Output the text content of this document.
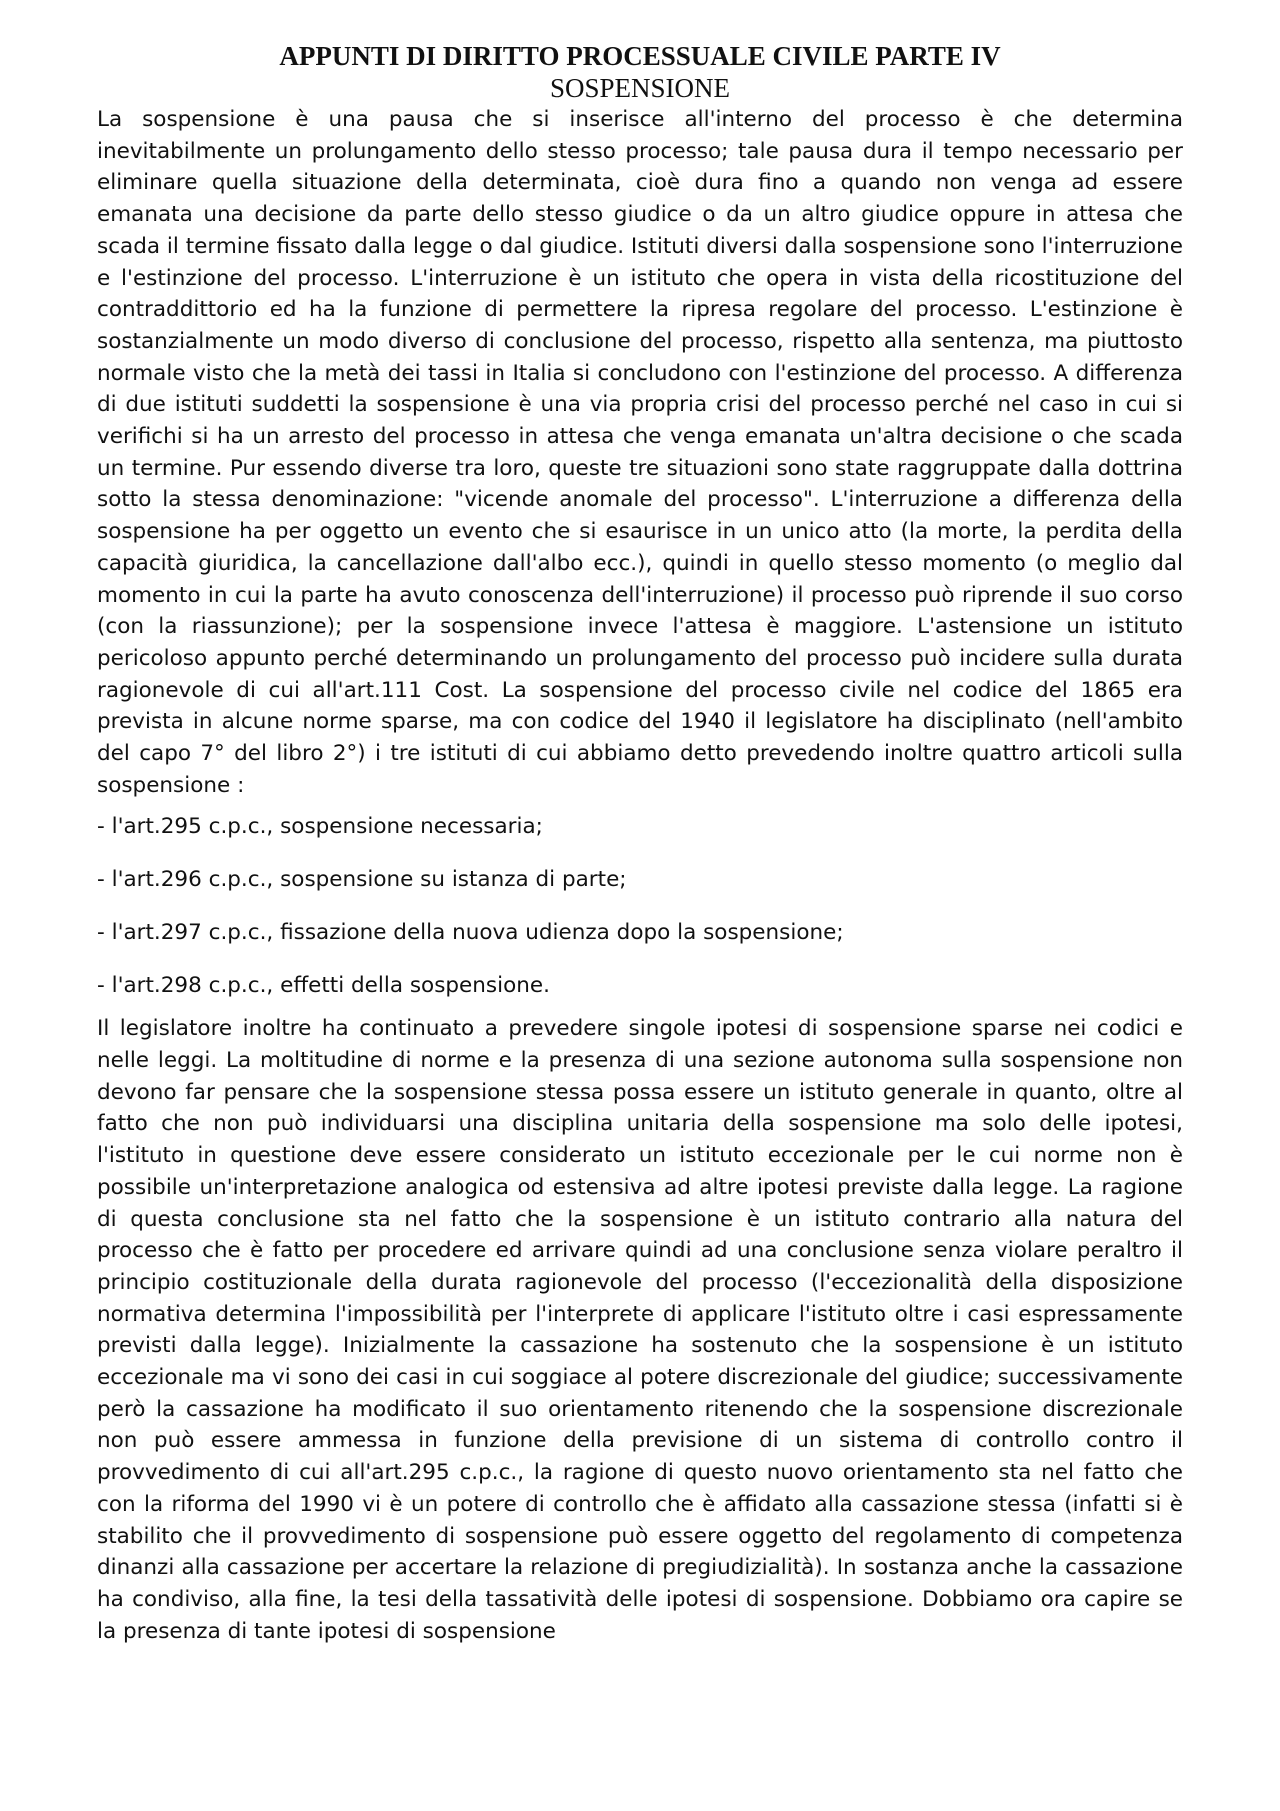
APPUNTI DI DIRITTO PROCESSUALE CIVILE PARTE IV
SOSPENSIONE

La sospensione è una pausa che si inserisce all'interno del processo è che determina inevitabilmente un prolungamento dello stesso processo; tale pausa dura il tempo necessario per eliminare quella situazione della determinata, cioè dura fino a quando non venga ad essere emanata una decisione da parte dello stesso giudice o da un altro giudice oppure in attesa che scada il termine fissato dalla legge o dal giudice. Istituti diversi dalla sospensione sono l'interruzione e l'estinzione del processo. L'interruzione è un istituto che opera in vista della ricostituzione del contraddittorio ed ha la funzione di permettere la ripresa regolare del processo. L'estinzione è sostanzialmente un modo diverso di conclusione del processo, rispetto alla sentenza, ma piuttosto normale visto che la metà dei tassi in Italia si concludono con l'estinzione del processo. A differenza di due istituti suddetti la sospensione è una via propria crisi del processo perché nel caso in cui si verifichi si ha un arresto del processo in attesa che venga emanata un'altra decisione o che scada un termine. Pur essendo diverse tra loro, queste tre situazioni sono state raggruppate dalla dottrina sotto la stessa denominazione: "vicende anomale del processo". L'interruzione a differenza della sospensione ha per oggetto un evento che si esaurisce in un unico atto (la morte, la perdita della capacità giuridica, la cancellazione dall'albo ecc.), quindi in quello stesso momento (o meglio dal momento in cui la parte ha avuto conoscenza dell'interruzione) il processo può riprende il suo corso (con la riassunzione); per la sospensione invece l'attesa è maggiore. L'astensione un istituto pericoloso appunto perché determinando un prolungamento del processo può incidere sulla durata ragionevole di cui all'art.111 Cost. La sospensione del processo civile nel codice del 1865 era prevista in alcune norme sparse, ma con codice del 1940 il legislatore ha disciplinato (nell'ambito del capo 7° del libro 2°) i tre istituti di cui abbiamo detto prevedendo inoltre quattro articoli sulla sospensione :

- l'art.295 c.p.c., sospensione necessaria;
- l'art.296 c.p.c., sospensione su istanza di parte;
- l'art.297 c.p.c., fissazione della nuova udienza dopo la sospensione;
- l'art.298 c.p.c., effetti della sospensione.

Il legislatore inoltre ha continuato a prevedere singole ipotesi di sospensione sparse nei codici e nelle leggi. La moltitudine di norme e la presenza di una sezione autonoma sulla sospensione non devono far pensare che la sospensione stessa possa essere un istituto generale in quanto, oltre al fatto che non può individuarsi una disciplina unitaria della sospensione ma solo delle ipotesi, l'istituto in questione deve essere considerato un istituto eccezionale per le cui norme non è possibile un'interpretazione analogica od estensiva ad altre ipotesi previste dalla legge. La ragione di questa conclusione sta nel fatto che la sospensione è un istituto contrario alla natura del processo che è fatto per procedere ed arrivare quindi ad una conclusione senza violare peraltro il principio costituzionale della durata ragionevole del processo (l'eccezionalità della disposizione normativa determina l'impossibilità per l'interprete di applicare l'istituto oltre i casi espressamente previsti dalla legge). Inizialmente la cassazione ha sostenuto che la sospensione è un istituto eccezionale ma vi sono dei casi in cui soggiace al potere discrezionale del giudice; successivamente però la cassazione ha modificato il suo orientamento ritenendo che la sospensione discrezionale non può essere ammessa in funzione della previsione di un sistema di controllo contro il provvedimento di cui all'art.295 c.p.c., la ragione di questo nuovo orientamento sta nel fatto che con la riforma del 1990 vi è un potere di controllo che è affidato alla cassazione stessa (infatti si è stabilito che il provvedimento di sospensione può essere oggetto del regolamento di competenza dinanzi alla cassazione per accertare la relazione di pregiudizialità). In sostanza anche la cassazione ha condiviso, alla fine, la tesi della tassatività delle ipotesi di sospensione. Dobbiamo ora capire se la presenza di tante ipotesi di sospensione
